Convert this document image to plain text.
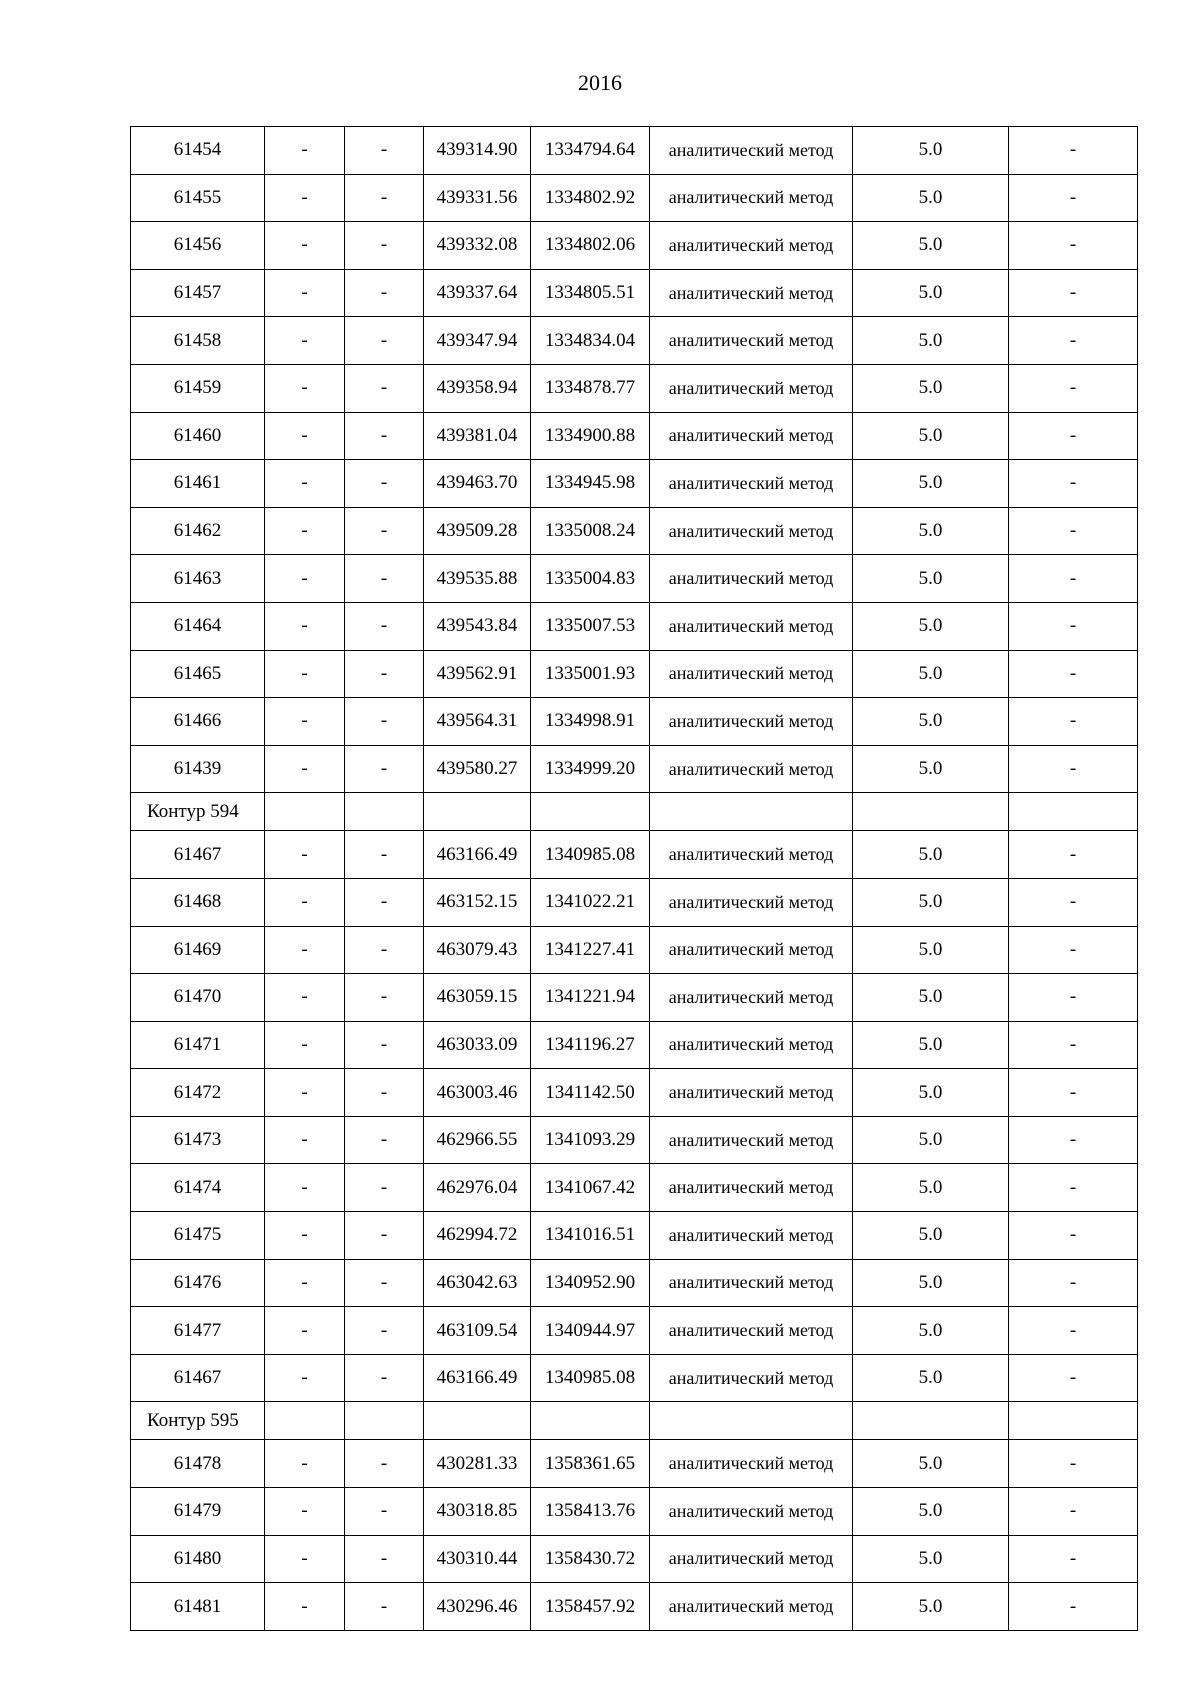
2016
61454	-	-	439314.90	1334794.64	аналитический метод	5.0	-
61455	-	-	439331.56	1334802.92	аналитический метод	5.0	-
61456	-	-	439332.08	1334802.06	аналитический метод	5.0	-
61457	-	-	439337.64	1334805.51	аналитический метод	5.0	-
61458	-	-	439347.94	1334834.04	аналитический метод	5.0	-
61459	-	-	439358.94	1334878.77	аналитический метод	5.0	-
61460	-	-	439381.04	1334900.88	аналитический метод	5.0	-
61461	-	-	439463.70	1334945.98	аналитический метод	5.0	-
61462	-	-	439509.28	1335008.24	аналитический метод	5.0	-
61463	-	-	439535.88	1335004.83	аналитический метод	5.0	-
61464	-	-	439543.84	1335007.53	аналитический метод	5.0	-
61465	-	-	439562.91	1335001.93	аналитический метод	5.0	-
61466	-	-	439564.31	1334998.91	аналитический метод	5.0	-
61439	-	-	439580.27	1334999.20	аналитический метод	5.0	-
Контур 594							
61467	-	-	463166.49	1340985.08	аналитический метод	5.0	-
61468	-	-	463152.15	1341022.21	аналитический метод	5.0	-
61469	-	-	463079.43	1341227.41	аналитический метод	5.0	-
61470	-	-	463059.15	1341221.94	аналитический метод	5.0	-
61471	-	-	463033.09	1341196.27	аналитический метод	5.0	-
61472	-	-	463003.46	1341142.50	аналитический метод	5.0	-
61473	-	-	462966.55	1341093.29	аналитический метод	5.0	-
61474	-	-	462976.04	1341067.42	аналитический метод	5.0	-
61475	-	-	462994.72	1341016.51	аналитический метод	5.0	-
61476	-	-	463042.63	1340952.90	аналитический метод	5.0	-
61477	-	-	463109.54	1340944.97	аналитический метод	5.0	-
61467	-	-	463166.49	1340985.08	аналитический метод	5.0	-
Контур 595							
61478	-	-	430281.33	1358361.65	аналитический метод	5.0	-
61479	-	-	430318.85	1358413.76	аналитический метод	5.0	-
61480	-	-	430310.44	1358430.72	аналитический метод	5.0	-
61481	-	-	430296.46	1358457.92	аналитический метод	5.0	-
